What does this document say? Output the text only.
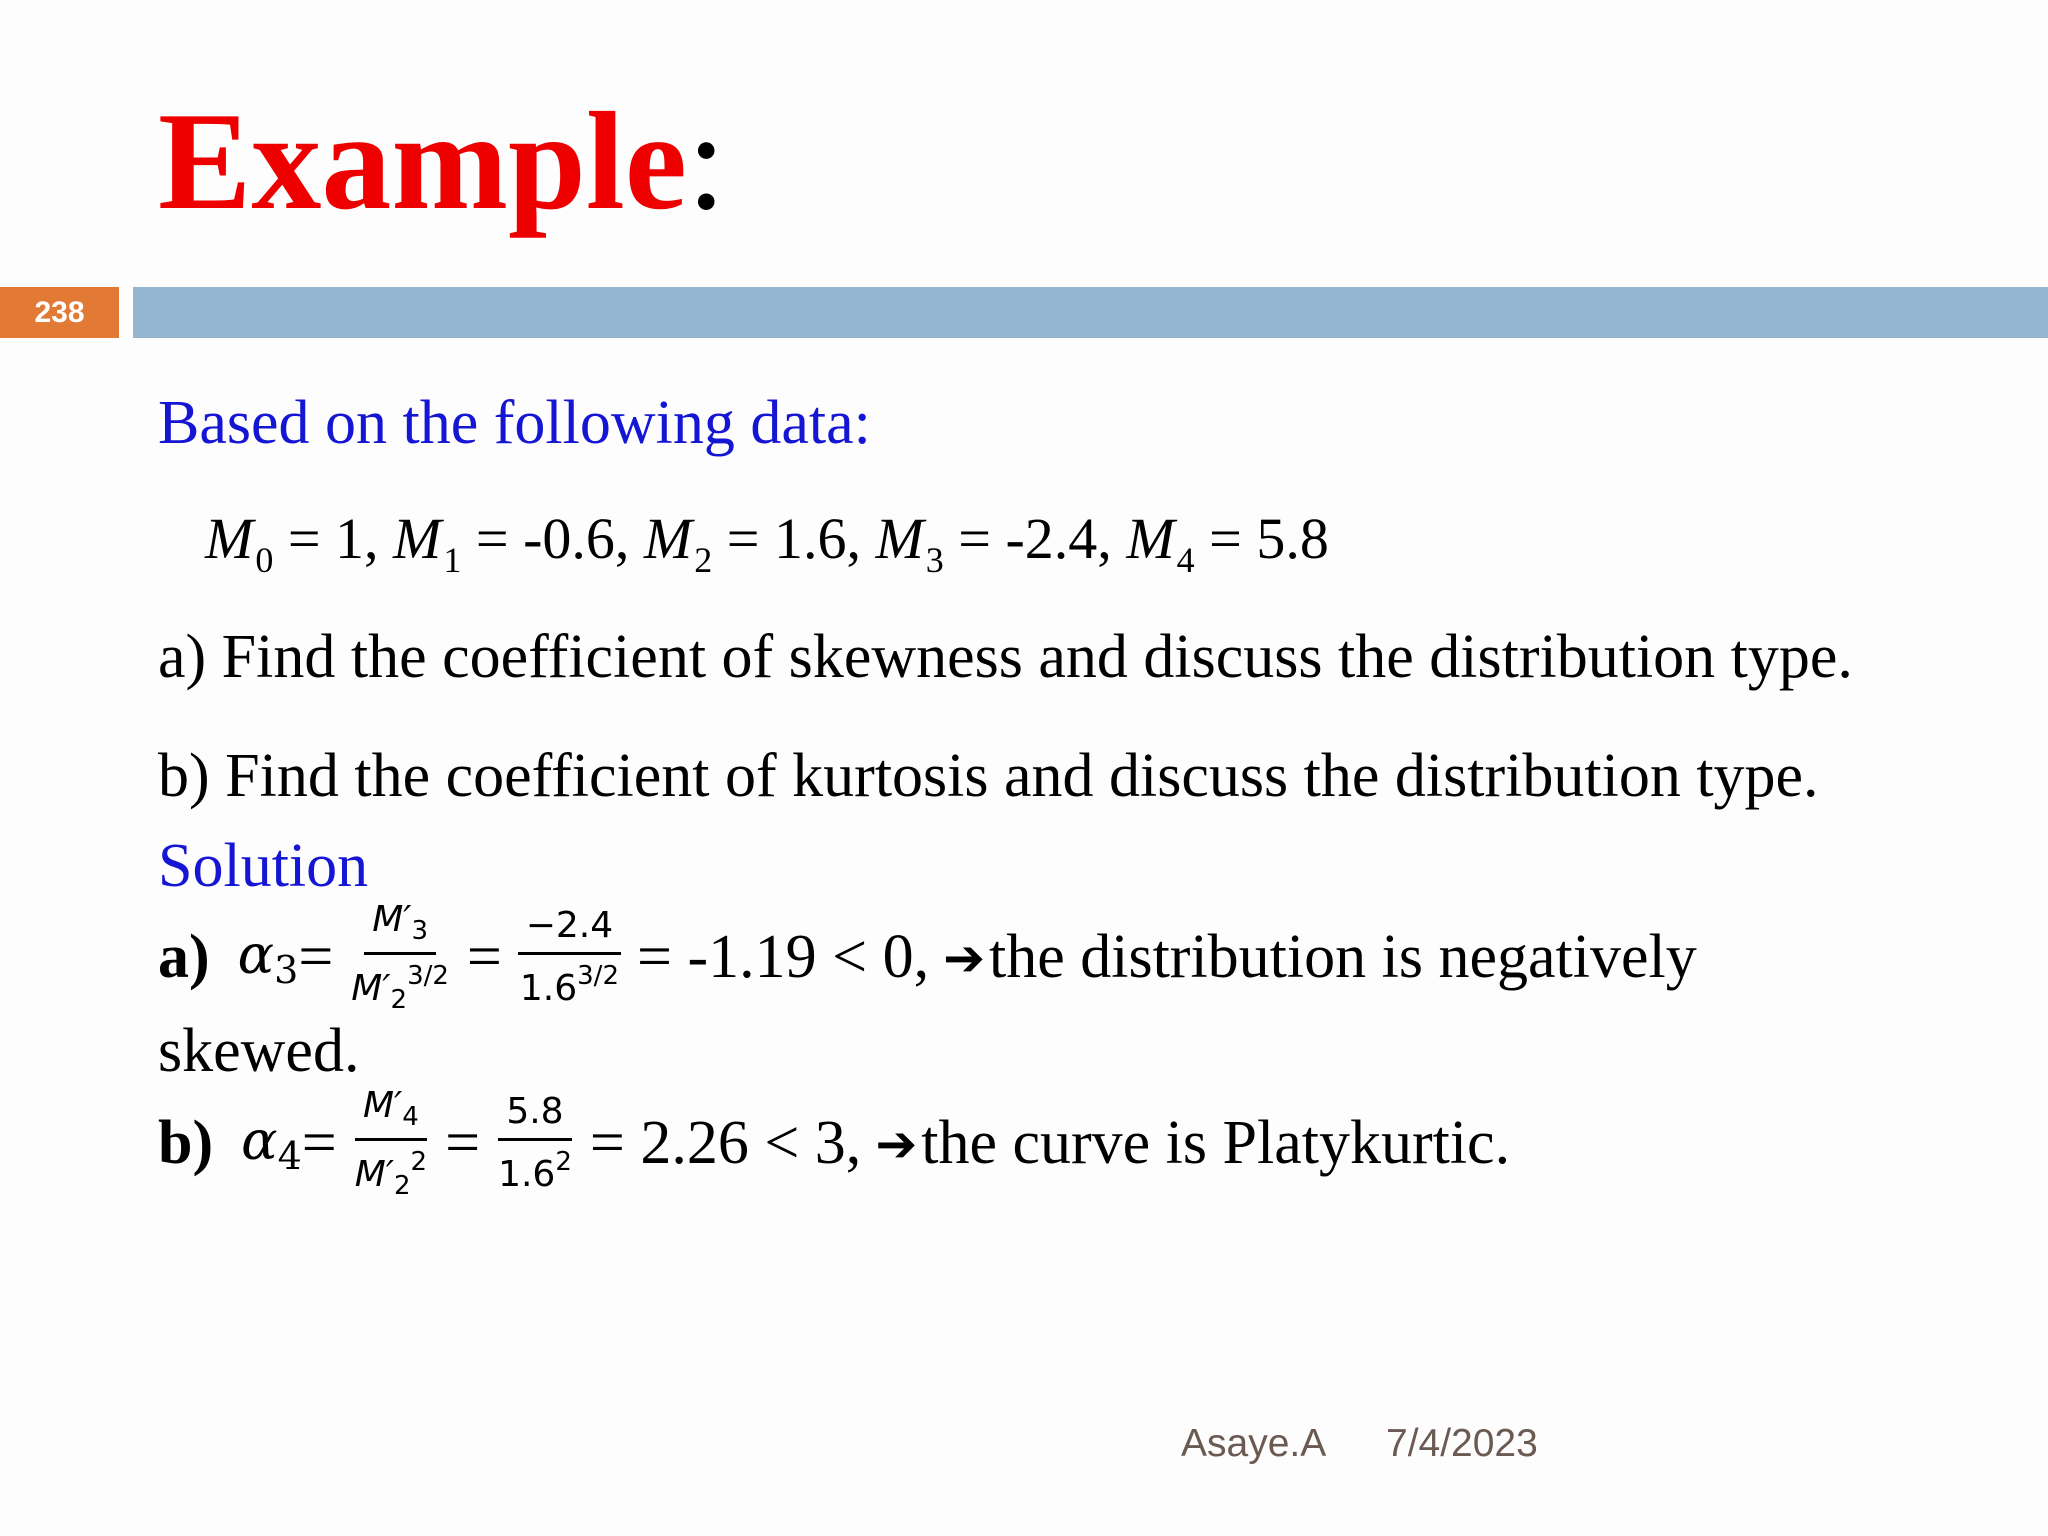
Example:
238
Based on the following data:
$M_0 = 1$, $M_1 = -0.6$, $M_2 = 1.6$, $M_3 = -2.4$, $M_4 = 5.8$
a) Find the coefficient of skewness and discuss the distribution type.
b) Find the coefficient of kurtosis and discuss the distribution type.
Solution
a) $\alpha_3 = \frac{M'_3}{M'_2^{3/2}} = \frac{-2.4}{1.6^{3/2}} = -1.19 < 0$, ➔ the distribution is negatively
skewed.
b) $\alpha_4 = \frac{M'_4}{M'_2^2} = \frac{5.8}{1.6^2} = 2.26 < 3$, ➔ the curve is Platykurtic.
Asaye.A 7/4/2023
